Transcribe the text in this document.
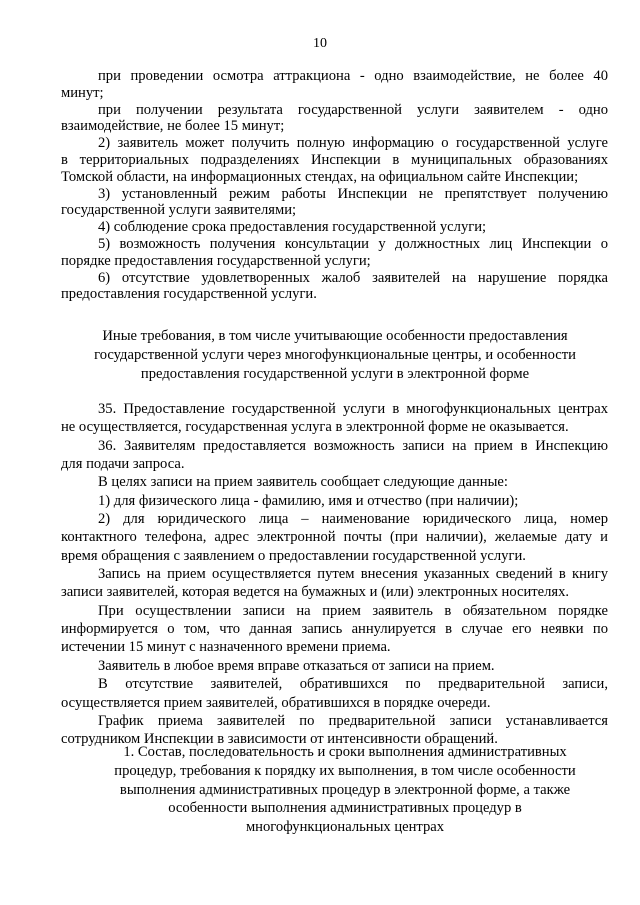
10

при проведении осмотра аттракциона - одно взаимодействие, не более 40

минут;

при получении результата государственной услуги заявителем - одно

взаимодействие, не более 15 минут;

2) заявитель может получить полную информацию о государственной услуге

в территориальных подразделениях Инспекции в муниципальных образованиях

Томской области, на информационных стендах, на официальном сайте Инспекции;

3) установленный режим работы Инспекции не препятствует получению

государственной услуги заявителями;

4) соблюдение срока предоставления государственной услуги;

5) возможность получения консультации у должностных лиц Инспекции о

порядке предоставления государственной услуги;

6) отсутствие удовлетворенных жалоб заявителей на нарушение порядка

предоставления государственной услуги.

Иные требования, в том числе учитывающие особенности предоставления

государственной услуги через многофункциональные центры, и особенности

предоставления государственной услуги в электронной форме

35. Предоставление государственной услуги в многофункциональных центрах

не осуществляется, государственная услуга в электронной форме не оказывается.

36. Заявителям предоставляется возможность записи на прием в Инспекцию

для подачи запроса.

В целях записи на прием заявитель сообщает следующие данные:

1) для физического лица - фамилию, имя и отчество (при наличии);

2) для юридического лица – наименование юридического лица, номер

контактного телефона, адрес электронной почты (при наличии), желаемые дату и

время обращения с заявлением о предоставлении государственной услуги.

Запись на прием осуществляется путем внесения указанных сведений в книгу

записи заявителей, которая ведется на бумажных и (или) электронных носителях.

При осуществлении записи на прием заявитель в обязательном порядке

информируется о том, что данная запись аннулируется в случае его неявки по

истечении 15 минут с назначенного времени приема.

Заявитель в любое время вправе отказаться от записи на прием.

В отсутствие заявителей, обратившихся по предварительной записи,

осуществляется прием заявителей, обратившихся в порядке очереди.

График приема заявителей по предварительной записи устанавливается

сотрудником Инспекции в зависимости от интенсивности обращений.

1. Состав, последовательность и сроки выполнения административных

процедур, требования к порядку их выполнения, в том числе особенности

выполнения административных процедур в электронной форме, а также

особенности выполнения административных процедур в

многофункциональных центрах
